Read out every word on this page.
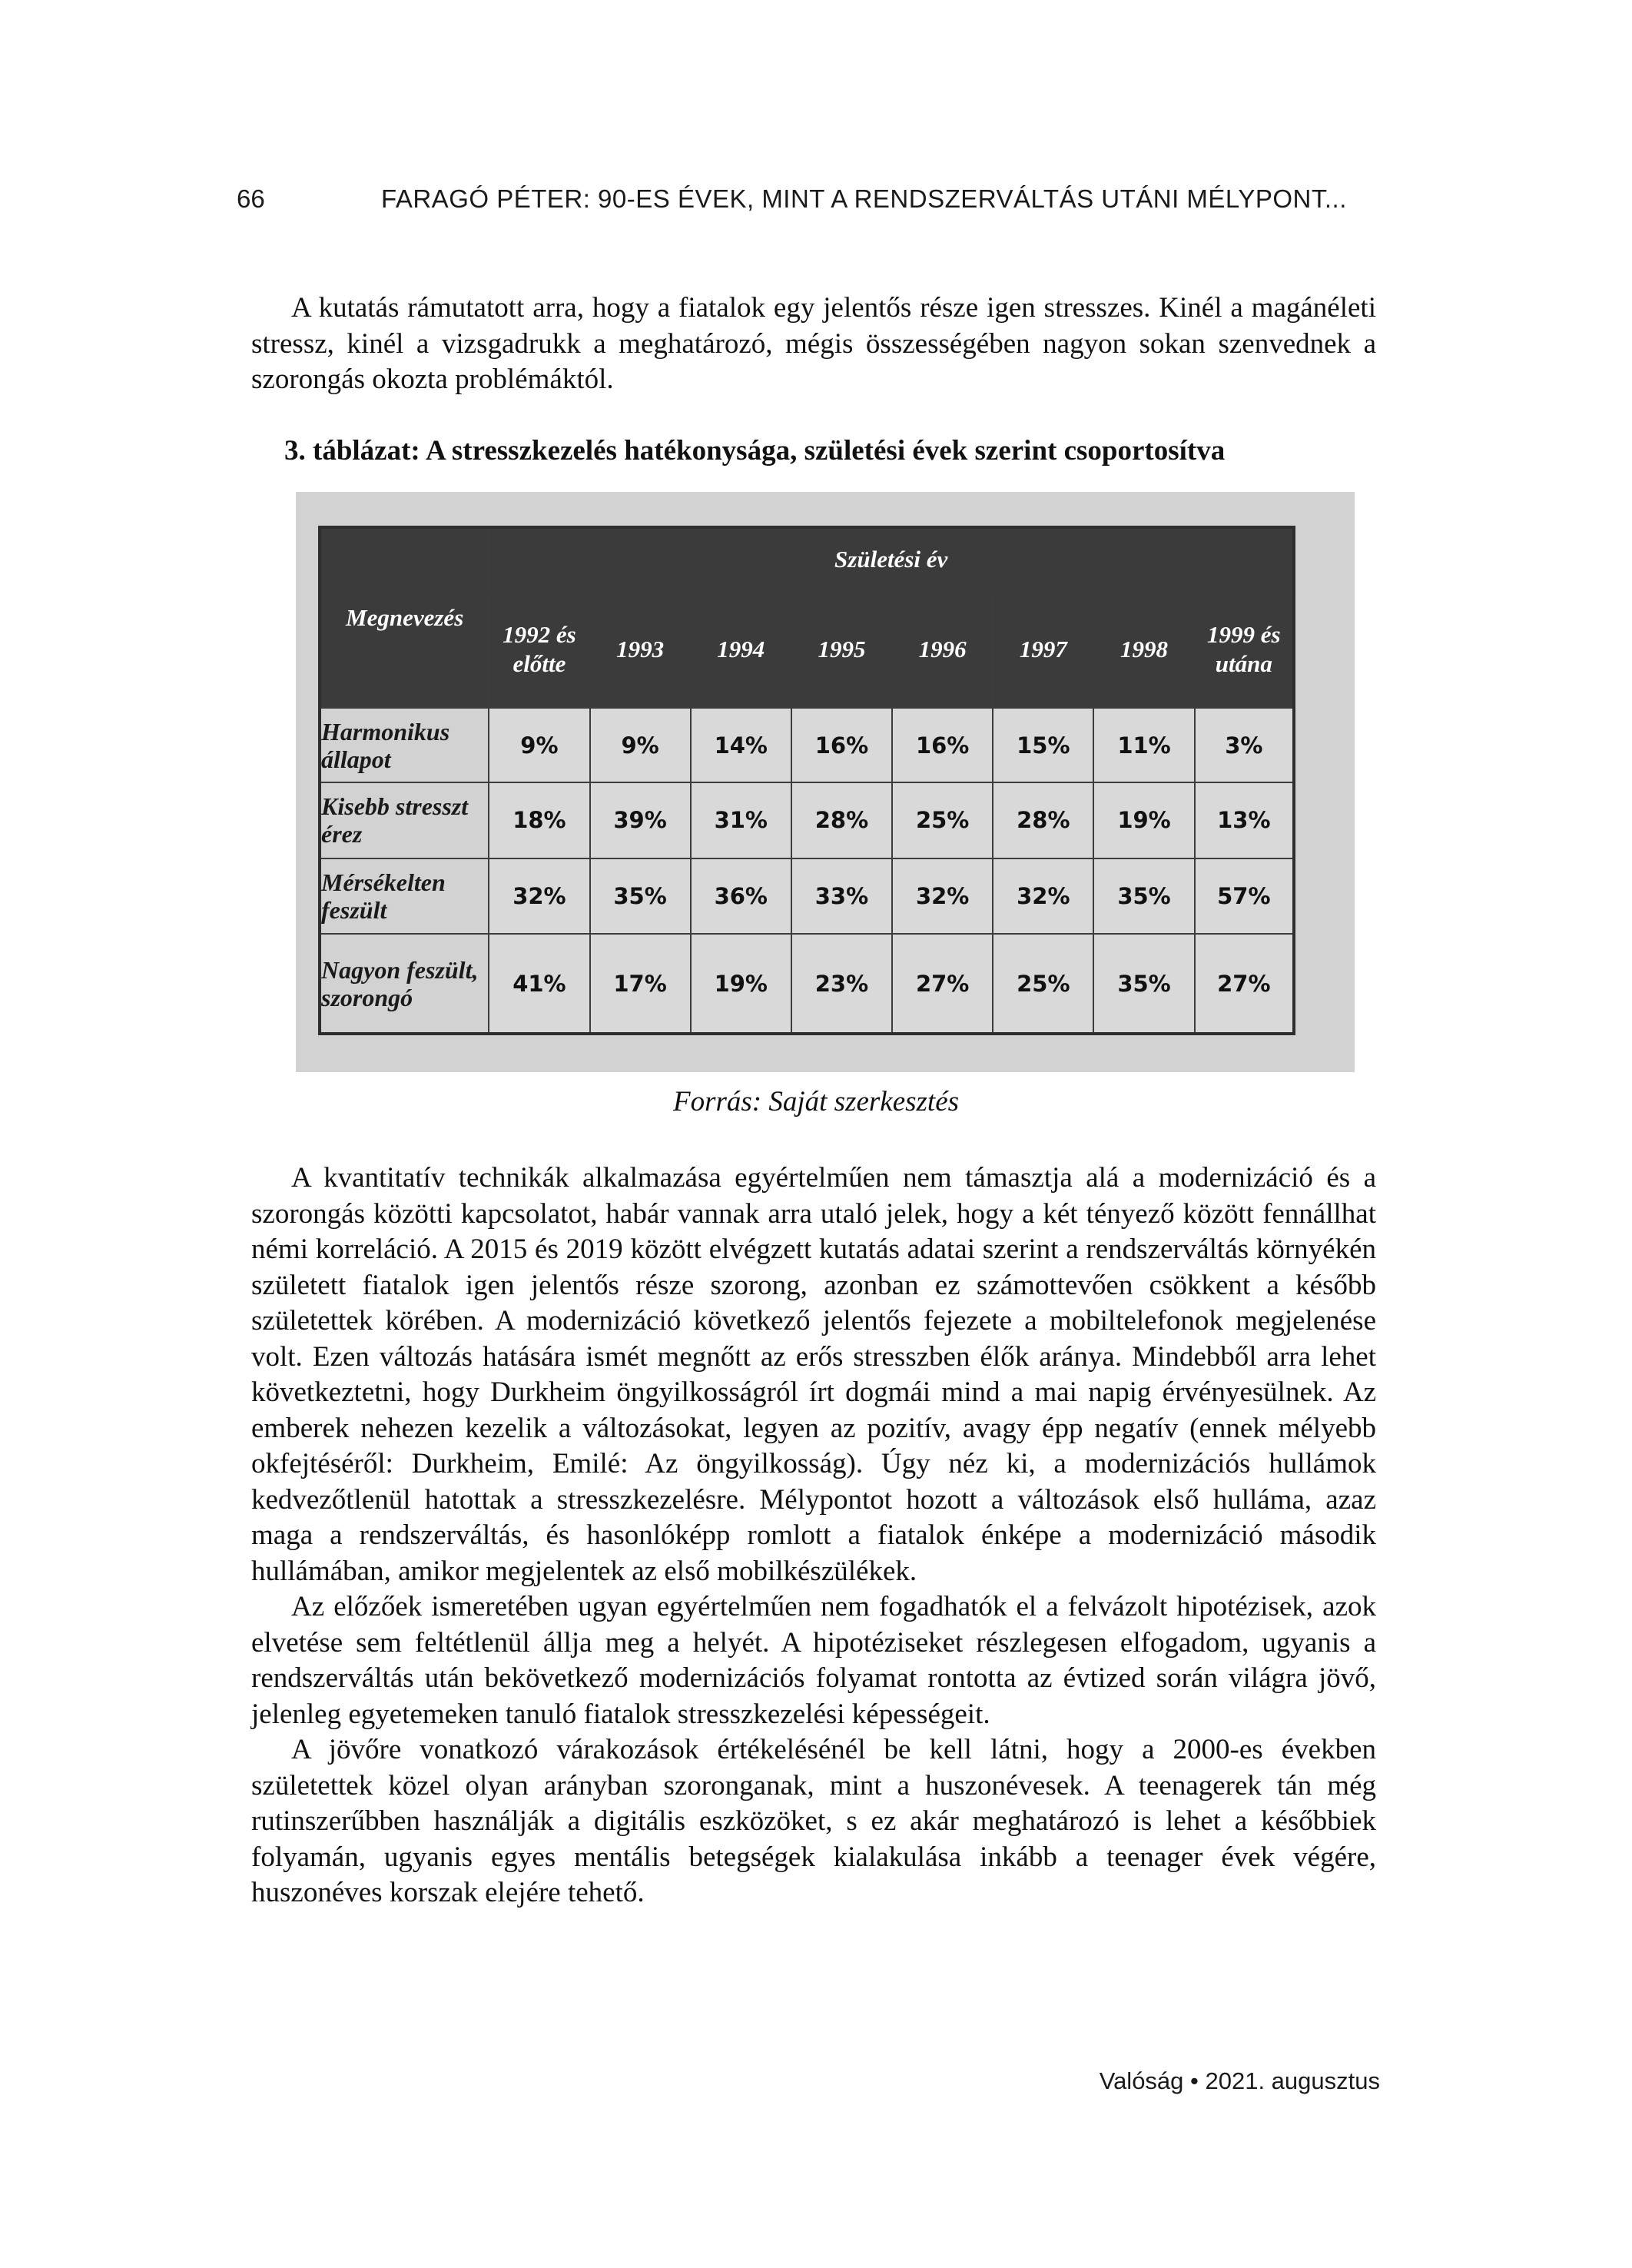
66	FARAGÓ PÉTER: 90-ES ÉVEK, MINT A RENDSZERVÁLTÁS UTÁNI MÉLYPONT...

A kutatás rámutatott arra, hogy a fiatalok egy jelentős része igen stresszes. Kinél a magánéleti stressz, kinél a vizsgadrukk a meghatározó, mégis összességében nagyon sokan szenvednek a szorongás okozta problémáktól.

3. táblázat: A stresszkezelés hatékonysága, születési évek szerint csoportosítva
Megnevezés	Születési év							
	1992 és előtte	1993	1994	1995	1996	1997	1998	1999 és utána
Harmonikus állapot	9%	9%	14%	16%	16%	15%	11%	3%
Kisebb stresszt érez	18%	39%	31%	28%	25%	28%	19%	13%
Mérsékelten feszült	32%	35%	36%	33%	32%	32%	35%	57%
Nagyon feszült, szorongó	41%	17%	19%	23%	27%	25%	35%	27%
Forrás: Saját szerkesztés

A kvantitatív technikák alkalmazása egyértelműen nem támasztja alá a modernizáció és a szorongás közötti kapcsolatot, habár vannak arra utaló jelek, hogy a két tényező között fennállhat némi korreláció. A 2015 és 2019 között elvégzett kutatás adatai szerint a rendszerváltás környékén született fiatalok igen jelentős része szorong, azonban ez számottevően csökkent a később születettek körében. A modernizáció következő jelentős fejezete a mobiltelefonok megjelenése volt. Ezen változás hatására ismét megnőtt az erős stresszben élők aránya. Mindebből arra lehet következtetni, hogy Durkheim öngyilkosságról írt dogmái mind a mai napig érvényesülnek. Az emberek nehezen kezelik a változásokat, legyen az pozitív, avagy épp negatív (ennek mélyebb okfejtéséről: Durkheim, Emilé: Az öngyilkosság). Úgy néz ki, a modernizációs hullámok kedvezőtlenül hatottak a stresszkezelésre. Mélypontot hozott a változások első hulláma, azaz maga a rendszerváltás, és hasonlóképp romlott a fiatalok énképe a modernizáció második hullámában, amikor megjelentek az első mobilkészülékek.

Az előzőek ismeretében ugyan egyértelműen nem fogadhatók el a felvázolt hipotézisek, azok elvetése sem feltétlenül állja meg a helyét. A hipotéziseket részlegesen elfogadom, ugyanis a rendszerváltás után bekövetkező modernizációs folyamat rontotta az évtized során világra jövő, jelenleg egyetemeken tanuló fiatalok stresszkezelési képességeit.

A jövőre vonatkozó várakozások értékelésénél be kell látni, hogy a 2000-es években születettek közel olyan arányban szoronganak, mint a huszonévesek. A teenagerek tán még rutinszerűbben használják a digitális eszközöket, s ez akár meghatározó is lehet a későbbiek folyamán, ugyanis egyes mentális betegségek kialakulása inkább a teenager évek végére, huszonéves korszak elejére tehető.

Valóság • 2021. augusztus
